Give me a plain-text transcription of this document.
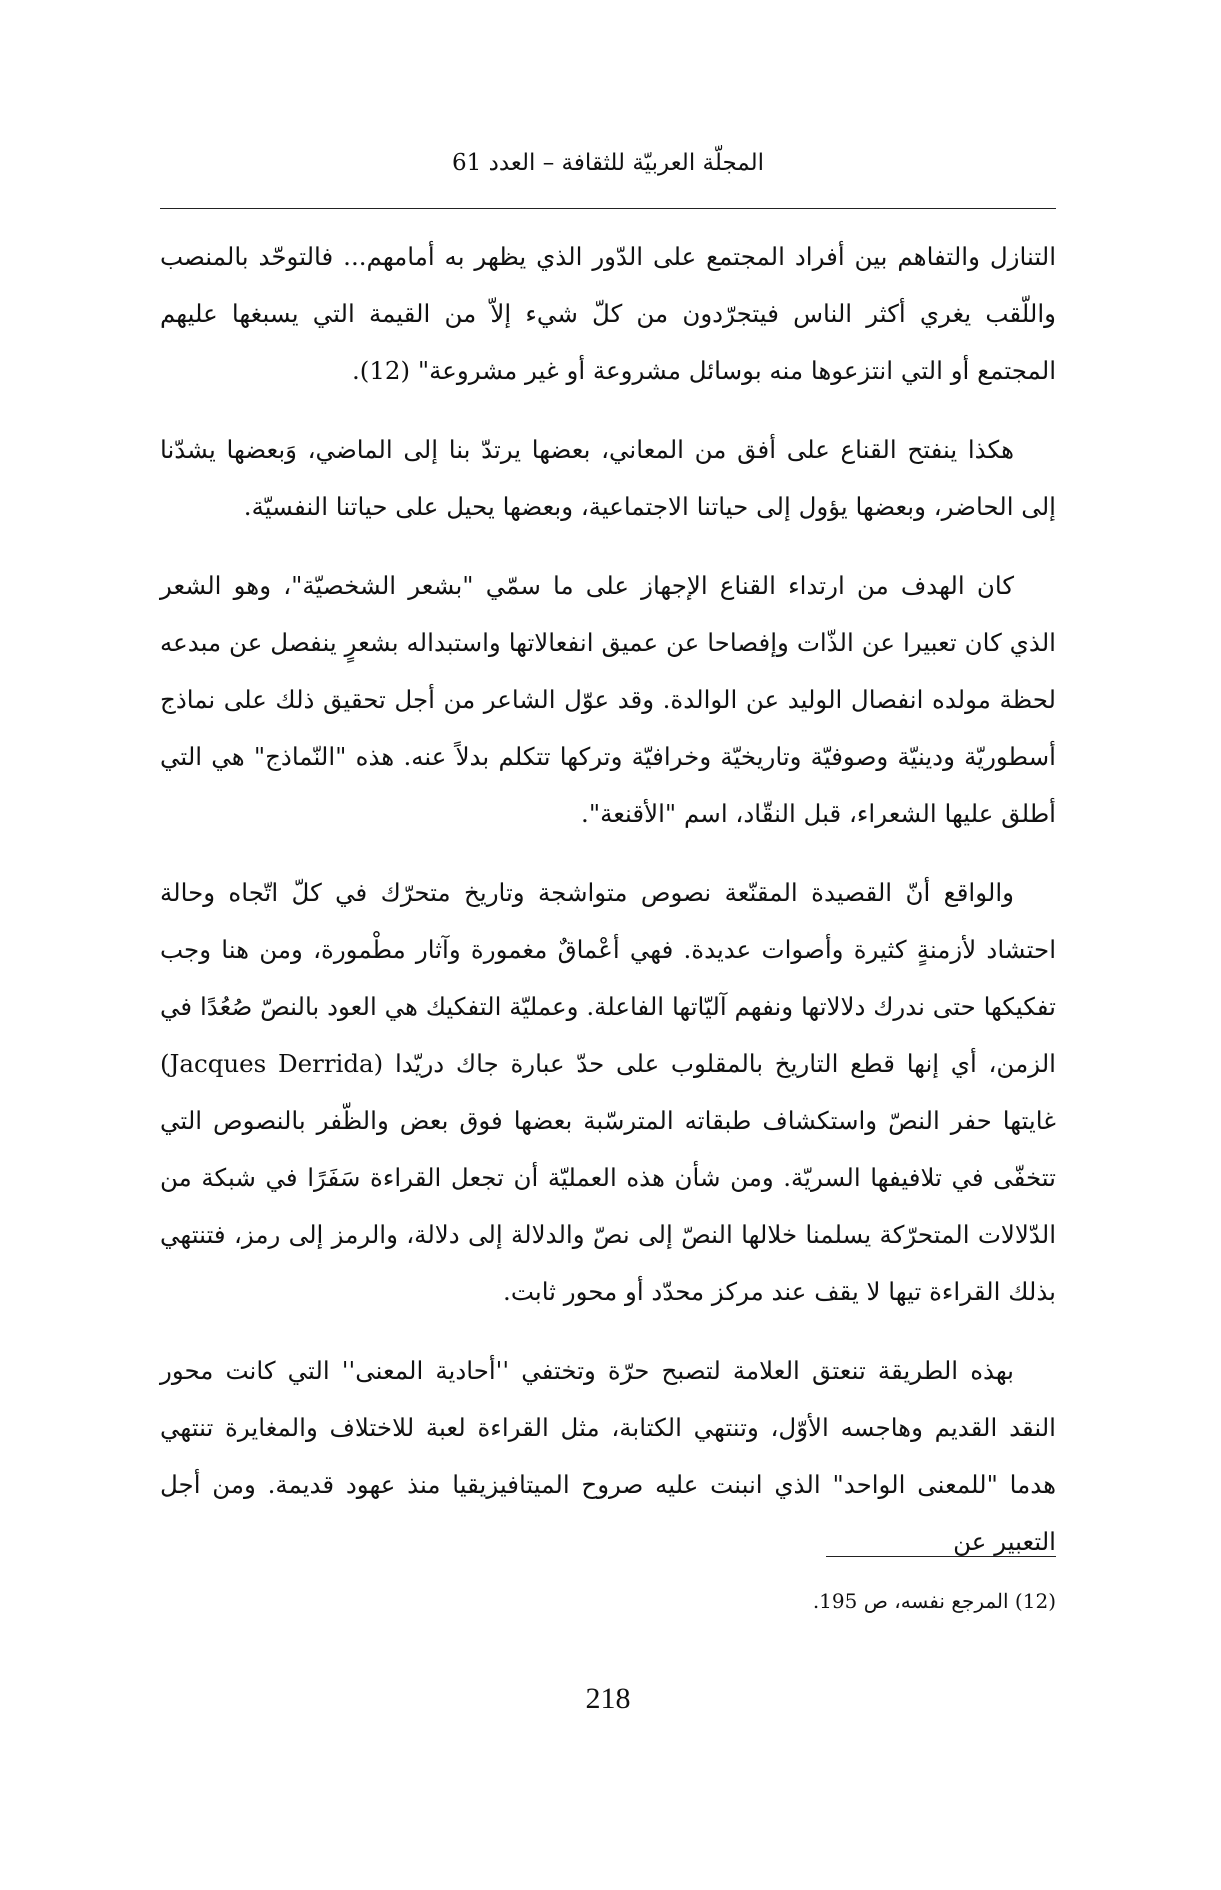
المجلّة العربيّة للثقافة – العدد 61

التنازل والتفاهم بين أفراد المجتمع على الدّور الذي يظهر به أمامهم... فالتوحّد بالمنصب واللّقب يغري أكثر الناس فيتجرّدون من كلّ شيء إلاّ من القيمة التي يسبغها عليهم المجتمع أو التي انتزعوها منه بوسائل مشروعة أو غير مشروعة" (12).

هكذا ينفتح القناع على أفق من المعاني، بعضها يرتدّ بنا إلى الماضي، وَبعضها يشدّنا إلى الحاضر، وبعضها يؤول إلى حياتنا الاجتماعية، وبعضها يحيل على حياتنا النفسيّة.

كان الهدف من ارتداء القناع الإجهاز على ما سمّي "بشعر الشخصيّة"، وهو الشعر الذي كان تعبيرا عن الذّات وإفصاحا عن عميق انفعالاتها واستبداله بشعرٍ ينفصل عن مبدعه لحظة مولده انفصال الوليد عن الوالدة. وقد عوّل الشاعر من أجل تحقيق ذلك على نماذج أسطوريّة ودينيّة وصوفيّة وتاريخيّة وخرافيّة وتركها تتكلم بدلاً عنه. هذه "النّماذج" هي التي أطلق عليها الشعراء، قبل النقّاد، اسم "الأقنعة".

والواقع أنّ القصيدة المقنّعة نصوص متواشجة وتاريخ متحرّك في كلّ اتّجاه وحالة احتشاد لأزمنةٍ كثيرة وأصوات عديدة. فهي أعْماقٌ مغمورة وآثار مطْمورة، ومن هنا وجب تفكيكها حتى ندرك دلالاتها ونفهم آليّاتها الفاعلة. وعمليّة التفكيك هي العود بالنصّ صُعُدًا في الزمن، أي إنها قطع التاريخ بالمقلوب على حدّ عبارة جاك دريّدا (Jacques Derrida) غايتها حفر النصّ واستكشاف طبقاته المترسّبة بعضها فوق بعض والظّفر بالنصوص التي تتخفّى في تلافيفها السريّة. ومن شأن هذه العمليّة أن تجعل القراءة سَفَرًا في شبكة من الدّلالات المتحرّكة يسلمنا خلالها النصّ إلى نصّ والدلالة إلى دلالة، والرمز إلى رمز، فتنتهي بذلك القراءة تيها لا يقف عند مركز محدّد أو محور ثابت.

بهذه الطريقة تنعتق العلامة لتصبح حرّة وتختفي ''أحادية المعنى'' التي كانت محور النقد القديم وهاجسه الأوّل، وتنتهي الكتابة، مثل القراءة لعبة للاختلاف والمغايرة تنتهي هدما "للمعنى الواحد" الذي انبنت عليه صروح الميتافيزيقيا منذ عهود قديمة. ومن أجل التعبير عن

(12) المرجع نفسه، ص 195.
218
